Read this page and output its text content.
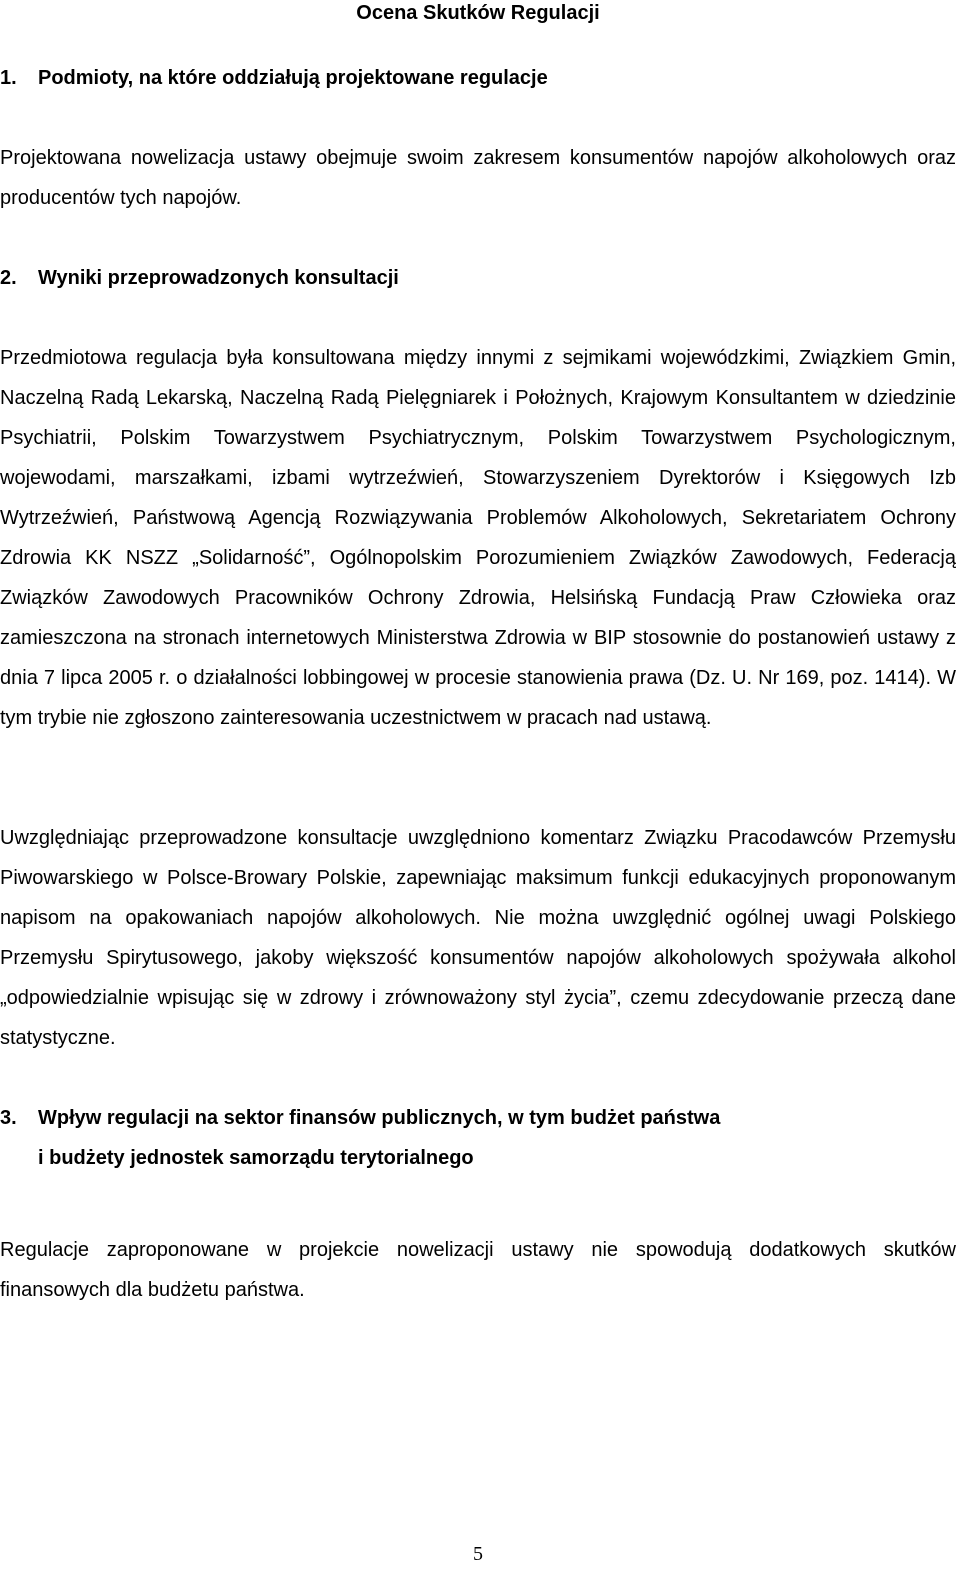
Ocena Skutków Regulacji
1. Podmioty, na które oddziałują projektowane regulacje

Projektowana nowelizacja ustawy obejmuje swoim zakresem konsumentów napojów alkoholowych oraz producentów tych napojów.

2. Wyniki przeprowadzonych konsultacji

Przedmiotowa regulacja była konsultowana między innymi z sejmikami wojewódzkimi, Związkiem Gmin, Naczelną Radą Lekarską, Naczelną Radą Pielęgniarek i Położnych, Krajowym Konsultantem w dziedzinie Psychiatrii, Polskim Towarzystwem Psychiatrycznym, Polskim Towarzystwem Psychologicznym, wojewodami, marszałkami, izbami wytrzeźwień, Stowarzyszeniem Dyrektorów i Księgowych Izb Wytrzeźwień, Państwową Agencją Rozwiązywania Problemów Alkoholowych, Sekretariatem Ochrony Zdrowia KK NSZZ „Solidarność”, Ogólnopolskim Porozumieniem Związków Zawodowych, Federacją Związków Zawodowych Pracowników Ochrony Zdrowia, Helsińską Fundacją Praw Człowieka oraz zamieszczona na stronach internetowych Ministerstwa Zdrowia w BIP stosownie do postanowień ustawy z dnia 7 lipca 2005 r. o działalności lobbingowej w procesie stanowienia prawa (Dz. U. Nr 169, poz. 1414). W tym trybie nie zgłoszono zainteresowania uczestnictwem w pracach nad ustawą.

Uwzględniając przeprowadzone konsultacje uwzględniono komentarz Związku Pracodawców Przemysłu Piwowarskiego w Polsce-Browary Polskie, zapewniając maksimum funkcji edukacyjnych proponowanym napisom na opakowaniach napojów alkoholowych. Nie można uwzględnić ogólnej uwagi Polskiego Przemysłu Spirytusowego, jakoby większość konsumentów napojów alkoholowych spożywała alkohol „odpowiedzialnie wpisując się w zdrowy i zrównoważony styl życia”, czemu zdecydowanie przeczą dane statystyczne.

3. Wpływ regulacji na sektor finansów publicznych, w tym budżet państwa
i budżety jednostek samorządu terytorialnego

Regulacje zaproponowane w projekcie nowelizacji ustawy nie spowodują dodatkowych skutków finansowych dla budżetu państwa.

5
